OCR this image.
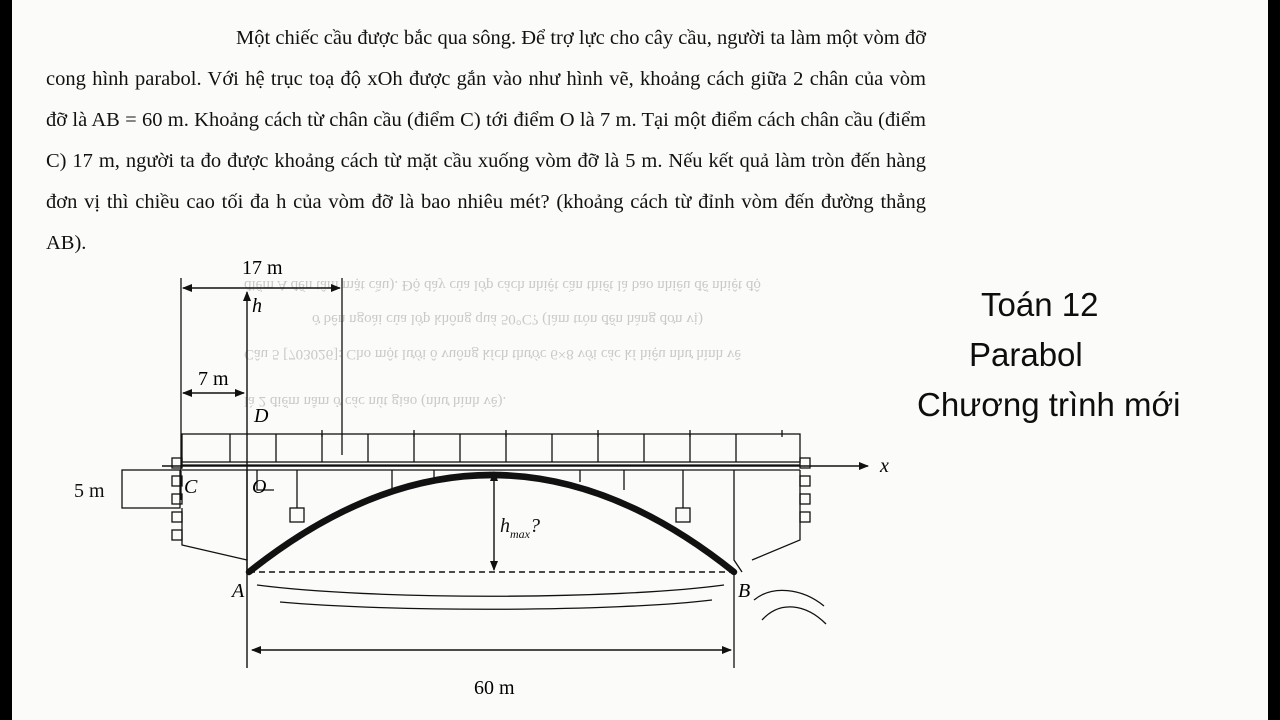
điểm A đến tâm mặt cầu). Độ dày của lớp cách nhiệt cần thiết là bao nhiêu để nhiệt độ
ở bên ngoài của lớp không quá 50°C? (làm tròn đến hàng đơn vị)
Câu 5 [703026]: Cho một lưới ô vuông kích thước 6×8 với các kí hiệu như hình vẽ
là 2 điểm nằm ở các nút giao (như hình vẽ).
Một chiếc cầu được bắc qua sông. Để trợ lực cho cây cầu, người ta làm một vòm đỡ cong hình parabol. Với hệ trục toạ độ xOh được gắn vào như hình vẽ, khoảng cách giữa 2 chân của vòm đỡ là AB = 60 m. Khoảng cách từ chân cầu (điểm C) tới điểm O là 7 m. Tại một điểm cách chân cầu (điểm C) 17 m, người ta đo được khoảng cách từ mặt cầu xuống vòm đỡ là 5 m. Nếu kết quả làm tròn đến hàng đơn vị thì chiều cao tối đa h của vòm đỡ là bao nhiêu mét? (khoảng cách từ đỉnh vòm đến đường thẳng AB).
Toán 12
Parabol
Chương trình mới
17 m
7 m
h
D
x
5 m	C	O
A	B
$h_{max}$?
60 m
